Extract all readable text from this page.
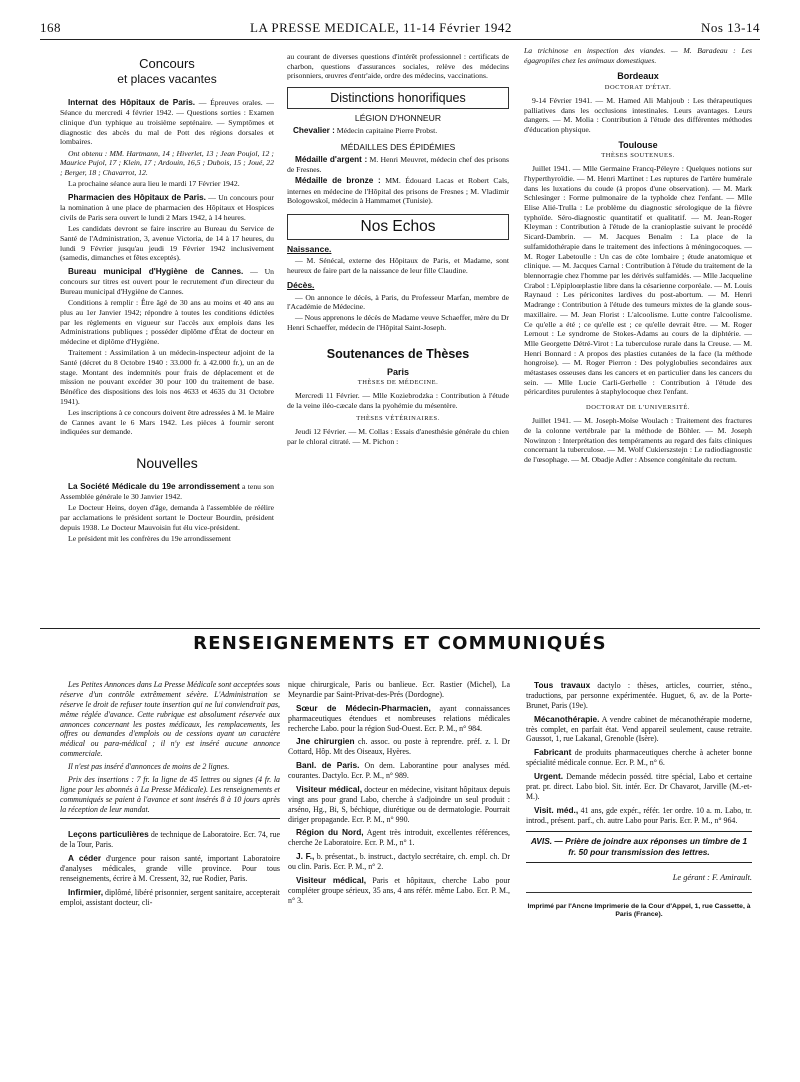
168	LA PRESSE MEDICALE, 11-14 Février 1942	Nos 13-14
Concours
et places vacantes

Internat des Hôpitaux de Paris. — Épreuves orales. — Séance du mercredi 4 février 1942. — Questions sorties : Examen clinique d'un typhique au troisième septénaire. — Symptômes et diagnostic des abcès du mal de Pott des régions dorsales et lombaires.

Ont obtenu : MM. Hartmann, 14 ; Hiverlet, 13 ; Jean Poujol, 12 ; Maurice Pujol, 17 ; Klein, 17 ; Ardouin, 16,5 ; Dubois, 15 ; Joué, 22 ; Berger, 18 ; Chavarrot, 12.

La prochaine séance aura lieu le mardi 17 Février 1942.

Pharmacien des Hôpitaux de Paris. — Un concours pour la nomination à une place de pharmacien des Hôpitaux et Hospices civils de Paris sera ouvert le lundi 2 Mars 1942, à 14 heures.

Les candidats devront se faire inscrire au Bureau du Service de Santé de l'Administration, 3, avenue Victoria, de 14 à 17 heures, du lundi 9 Février jusqu'au jeudi 19 Février 1942 inclusivement (samedis, dimanches et fêtes exceptés).

Bureau municipal d'Hygiène de Cannes. — Un concours sur titres est ouvert pour le recrutement d'un directeur du Bureau municipal d'Hygiène de Cannes.

Conditions à remplir : Être âgé de 30 ans au moins et 40 ans au plus au 1er Janvier 1942; répondre à toutes les conditions édictées par les règlements en vigueur sur l'accès aux emplois dans les Administrations publiques ; posséder diplôme d'État de docteur en médecine et diplôme d'Hygiène.

Traitement : Assimilation à un médecin-inspecteur adjoint de la Santé (décret du 8 Octobre 1940 : 33.000 fr. à 42.000 fr.), un an de stage. Montant des indemnités pour frais de déplacement et de mission ne pouvant excéder 30 pour 100 du traitement de base. Bénéfice des dispositions des lois nos 4633 et 4635 du 31 Octobre 1941).

Les inscriptions à ce concours doivent être adressées à M. le Maire de Cannes avant le 6 Mars 1942. Les pièces à fournir seront indiquées sur demande.

Nouvelles

La Société Médicale du 19e arrondissement a tenu son Assemblée générale le 30 Janvier 1942.

Le Docteur Heins, doyen d'âge, demanda à l'assemblée de réélire par acclamations le président sortant le Docteur Bourdin, président depuis 1938. Le Docteur Mauvoisin fut élu vice-président.

Le président mit les confrères du 19e arrondissement

au courant de diverses questions d'intérêt professionnel : certificats de charbon, questions d'assurances sociales, relève des médecins prisonniers, œuvres d'entr'aide, ordre des médecins, vaccinations.

Distinctions honorifiques
LÉGION D'HONNEUR

Chevalier : Médecin capitaine Pierre Probst.

MÉDAILLES DES ÉPIDÉMIES

Médaille d'argent : M. Henri Meuvret, médecin chef des prisons de Fresnes.

Médaille de bronze : MM. Édouard Lacas et Robert Cals, internes en médecine de l'Hôpital des prisons de Fresnes ; M. Vladimir Bologowskoï, médecin à Hammamet (Tunisie).

Nos Echos
Naissance.

— M. Sénécal, externe des Hôpitaux de Paris, et Madame, sont heureux de faire part de la naissance de leur fille Claudine.

Décès.

— On annonce le décès, à Paris, du Professeur Marfan, membre de l'Académie de Médecine.

— Nous apprenons le décès de Madame veuve Schaeffer, mère du Dr Henri Schaeffer, médecin de l'Hôpital Saint-Joseph.

Soutenances de Thèses
Paris
THÈSES DE MÉDECINE.

Mercredi 11 Février. — Mlle Koziebrodzka : Contribution à l'étude de la veine iléo-cæcale dans la pyohémie du mésentère.

THÈSES VÉTÉRINAIRES.

Jeudi 12 Février. — M. Collas : Essais d'anesthésie générale du chien par le chloral citraté. — M. Pichon :

La trichinose en inspection des viandes. — M. Baradeau : Les égagropiles chez les animaux domestiques.

Bordeaux
DOCTORAT D'ÉTAT.

9-14 Février 1941. — M. Hamed Ali Mahjoub : Les thérapeutiques palliatives dans les occlusions intestinales. Leurs avantages. Leurs dangers. — M. Molia : Contribution à l'étude des différentes méthodes d'éducation physique.

Toulouse
THÈSES SOUTENUES.

Juillet 1941. — Mlle Germaine Francq-Péleyre : Quelques notions sur l'hyperthyroïdie. — M. Henri Martinet : Les ruptures de l'artère humérale dans les luxations du coude (à propos d'une observation). — M. Mark Schlesinger : Forme pulmonaire de la typhoïde chez l'enfant. — Mlle Elise Alié-Trulla : Le problème du diagnostic sérologique de la fièvre typhoïde. Séro-diagnostic quantitatif et qualitatif. — M. Jean-Roger Kleyman : Contribution à l'étude de la cranioplastie suivant le procédé Sicard-Dambrin. — M. Jacques Benaïm : La place de la sulfamidothérapie dans le traitement des infections à méningocoques. — M. Roger Labetoulle : Un cas de côte lombaire ; étude anatomique et clinique. — M. Jacques Carnal : Contribution à l'étude du traitement de la blennorragie chez l'homme par les dérivés sulfamidés. — Mlle Jacqueline Crabol : L'épiploœplastie libre dans la césarienne corporéale. — M. Louis Raynaud : Les périconites lardives du post-abortum. — M. Henri Madrange : Contribution à l'étude des tumeurs mixtes de la glande sous-maxillaire. — M. Jean Florist : L'alcoolisme. Lutte contre l'alcoolisme. Ce qu'elle a été ; ce qu'elle est ; ce qu'elle devrait être. — M. Roger Lernout : Le syndrome de Stokes-Adams au cours de la diphtérie. — Mlle Georgette Détré-Virot : La tuberculose rurale dans la Creuse. — M. Henri Bonnard : A propos des plasties cutanées de la face (la méthode hongroise). — M. Roger Pierron : Des polyglobulies secondaires aux métastases osseuses dans les cancers et en particulier dans les cancers du sein. — Mlle Lucie Carli-Gerhelle : Contribution à l'étude des péricardites purulentes à staphylocoque chez l'enfant.

DOCTORAT DE L'UNIVERSITÉ.

Juillet 1941. — M. Joseph-Moïse Woulach : Traitement des fractures de la colonne vertébrale par la méthode de Böhler. — M. Joseph Nowinzon : Interprétation des tempéraments au regard des faits cliniques concernant la tuberculose. — M. Wolf Cukierszstejn : Le radiodiagnostic de l'œsophage. — M. Obadje Adler : Absence congénitale du rectum.

RENSEIGNEMENTS ET COMMUNIQUÉS

Les Petites Annonces dans La Presse Médicale sont acceptées sous réserve d'un contrôle extrêmement sévère. L'Administration se réserve le droit de refuser toute insertion qui ne lui conviendrait pas, même réglée d'avance. Cette rubrique est absolument réservée aux annonces concernant les postes médicaux, les remplacements, les offres ou demandes d'emplois ou de cessions ayant un caractère médical ou para-médical ; il n'y est inséré aucune annonce commerciale.

Il n'est pas inséré d'annonces de moins de 2 lignes.

Prix des insertions : 7 fr. la ligne de 45 lettres ou signes (4 fr. la ligne pour les abonnés à La Presse Médicale). Les renseignements et communiqués se paient à l'avance et sont insérés 8 à 10 jours après la réception de leur mandat.

Leçons particulières de technique de Laboratoire. Ecr. 74, rue de la Tour, Paris.

A céder d'urgence pour raison santé, important Laboratoire d'analyses médicales, grande ville province. Pour tous renseignements, écrire à M. Cressent, 32, rue Rodier, Paris.

Infirmier, diplômé, libéré prisonnier, sergent sanitaire, accepterait emploi, assistant docteur, cli-

nique chirurgicale, Paris ou banlieue. Ecr. Rastier (Michel), La Meynardie par Saint-Privat-des-Prés (Dordogne).

Sœur de Médecin-Pharmacien, ayant connaissances pharmaceutiques étendues et nombreuses relations médicales recherche Labo. pour la région Sud-Ouest. Ecr. P. M., n° 984.

Jne chirurgien ch. assoc. ou poste à reprendre. préf. z. l. Dr Cottard, Hôp. Mt des Oiseaux, Hyères.

Banl. de Paris. On dem. Laborantine pour analyses méd. courantes. Dactylo. Ecr. P. M., n° 989.

Visiteur médical, docteur en médecine, visitant hôpitaux depuis vingt ans pour grand Labo, cherche à s'adjoindre un seul produit : arséno, Hg., Bi, S, béchique, diurétique ou de dermatologie. Pourrait diriger propagande. Ecr. P. M., n° 990.

Région du Nord, Agent très introduit, excellentes références, cherche 2e Laboratoire. Ecr. P. M., n° 1.

J. F., b. présentat., b. instruct., dactylo secrétaire, ch. empl. ch. Dr ou clin. Paris. Ecr. P. M., n° 2.

Visiteur médical, Paris et hôpitaux, cherche Labo pour compléter groupe sérieux, 35 ans, 4 ans référ. même Labo. Ecr. P. M., n° 3.

Tous travaux dactylo : thèses, articles, courrier, sténo., traductions, par personne expérimentée. Huguet, 6, av. de la Porte-Brunet, Paris (19e).

Mécanothérapie. A vendre cabinet de mécanothérapie moderne, très complet, en parfait état. Vend appareil seulement, cause retraite. Gaussot, 1, rue Lakanal, Grenoble (Isère).

Fabricant de produits pharmaceutiques cherche à acheter bonne spécialité médicale connue. Ecr. P. M., n° 6.

Urgent. Demande médecin posséd. titre spécial, Labo et certaine prat. pr. direct. Labo biol. Sit. intér. Ecr. Dr Chavarot, Jarville (M.-et-M.).

Visit. méd., 41 ans, gde expér., référ. 1er ordre. 10 a. m. Labo, tr. introd., présent. parf., ch. autre Labo pour Paris. Ecr. P. M., n° 964.

AVIS. — Prière de joindre aux réponses un timbre de 1 fr. 50 pour transmission des lettres.
Le gérant : F. Amirault.
Imprimé par l'Ancne Imprimerie de la Cour d'Appel, 1, rue Cassette, à Paris (France).
